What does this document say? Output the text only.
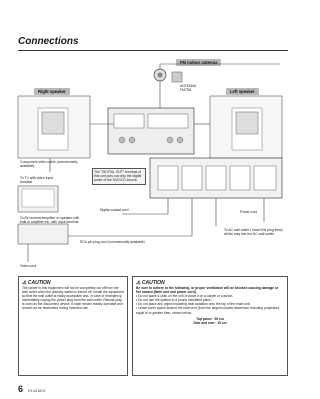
Connections
FM indoor antenna
Right speaker	Left speaker
ANTENNA FM75Ω
Component video cable (commercially available)
To TV with video input terminal
The "DIGITAL OUT" terminal of this unit puts out only the digital audio of the DVD/CD source.
To AV receiver/amplifier or speaker with built-in amplifier etc. with input terminal
Digital coaxial cord	Power cord
RCA pin plug cord (commercially available)
Video cord
To AC wall outlet • Insert the plug firmly all the way into the AC wall outlet.
⚠ CAUTION
The power in this equipment will not be completely cut off from the wall outlet when the standby switch is turned off. Install the equipment so that the wall outlet is easily accessible and, in case of emergency, immediately unplug the power plug from the wall outlet. Plasma plug is used as the disconnect device. It shall remain readily operable and should not be obstructed during intended use.
⚠ CAUTION
Be sure to adhere to the following, or proper ventilation will be blocked causing damage or fire hazard (Main unit and power cord).
• Do not place a cloth on the unit or place it on a carpet or cushion.
• Do not use the system in a poorly ventilated place.
• Do not place any object impairing heat radiation onto the top of the main unit.
• Leave some space around the main unit (from the largest outside dimension including projection) equal to or greater than, shown below.
Top panel : 50 cm
Side and rear : 15 cm
6 RI-616DV
